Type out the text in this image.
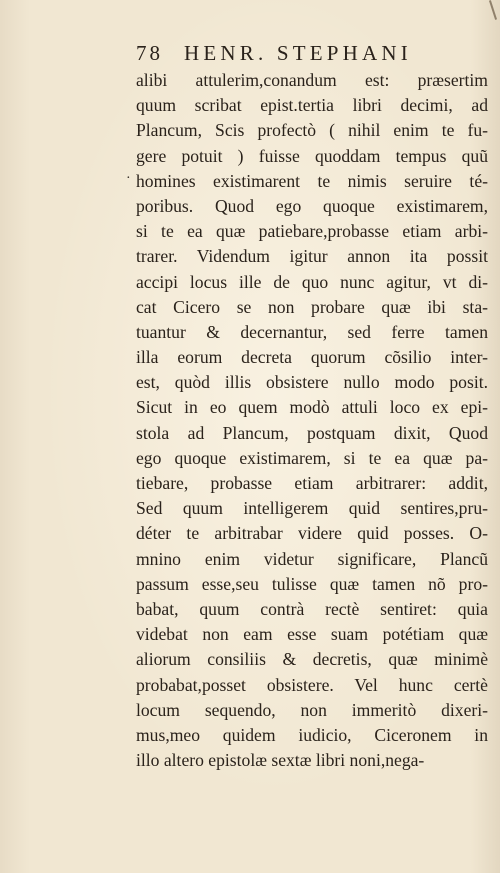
78 HENR. STEPHANI
·
alibi attulerim,conandum est: præsertim
quum scribat epist.tertia libri decimi, ad
Plancum, Scis profectò ( nihil enim te fu-
gere potuit ) fuisse quoddam tempus quũ
homines existimarent te nimis seruire té-
poribus. Quod ego quoque existimarem,
si te ea quæ patiebare,probasse etiam arbi-
trarer. Videndum igitur annon ita possit
accipi locus ille de quo nunc agitur, vt di-
cat Cicero se non probare quæ ibi sta-
tuantur & decernantur, sed ferre tamen
illa eorum decreta quorum cõsilio inter-
est, quòd illis obsistere nullo modo posit.
Sicut in eo quem modò attuli loco ex epi-
stola ad Plancum, postquam dixit, Quod
ego quoque existimarem, si te ea quæ pa-
tiebare, probasse etiam arbitrarer: addit,
Sed quum intelligerem quid sentires,pru-
déter te arbitrabar videre quid posses. O-
mnino enim videtur significare, Plancũ
passum esse,seu tulisse quæ tamen nõ pro-
babat, quum contrà rectè sentiret: quia
videbat non eam esse suam potétiam quæ
aliorum consiliis & decretis, quæ minimè
probabat,posset obsistere. Vel hunc certè
locum sequendo, non immeritò dixeri-
mus,meo quidem iudicio, Ciceronem in
illo altero epistolæ sextæ libri noni,nega-
